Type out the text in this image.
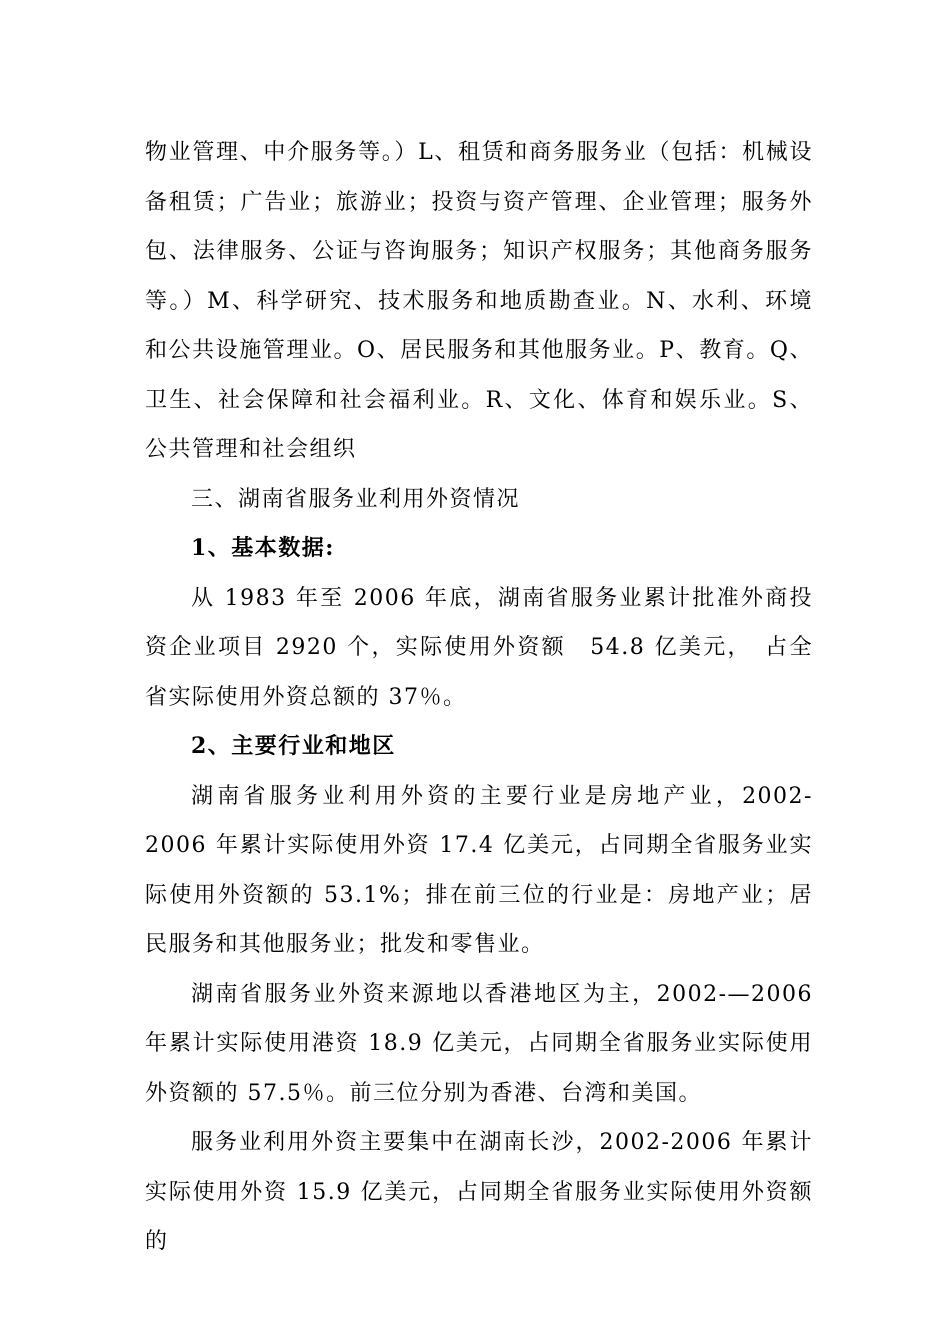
物业管理、中介服务等。）L、租赁和商务服务业（包括：机械设备租赁；广告业；旅游业；投资与资产管理、企业管理；服务外包、法律服务、公证与咨询服务；知识产权服务；其他商务服务等。）M、科学研究、技术服务和地质勘查业。N、水利、环境和公共设施管理业。O、居民服务和其他服务业。P、教育。Q、卫生、社会保障和社会福利业。R、文化、体育和娱乐业。S、公共管理和社会组织

三、湖南省服务业利用外资情况

1、基本数据:

从 1983 年至 2006 年底，湖南省服务业累计批准外商投资企业项目 2920 个，实际使用外资额　54.8 亿美元，　占全省实际使用外资总额的 37％。

2、主要行业和地区

湖南省服务业利用外资的主要行业是房地产业，2002-2006 年累计实际使用外资 17.4 亿美元，占同期全省服务业实际使用外资额的 53.1%；排在前三位的行业是：房地产业；居民服务和其他服务业；批发和零售业。

湖南省服务业外资来源地以香港地区为主，2002-—2006 年累计实际使用港资 18.9 亿美元，占同期全省服务业实际使用外资额的 57.5％。前三位分别为香港、台湾和美国。

服务业利用外资主要集中在湖南长沙，2002-2006 年累计实际使用外资 15.9 亿美元，占同期全省服务业实际使用外资额的
